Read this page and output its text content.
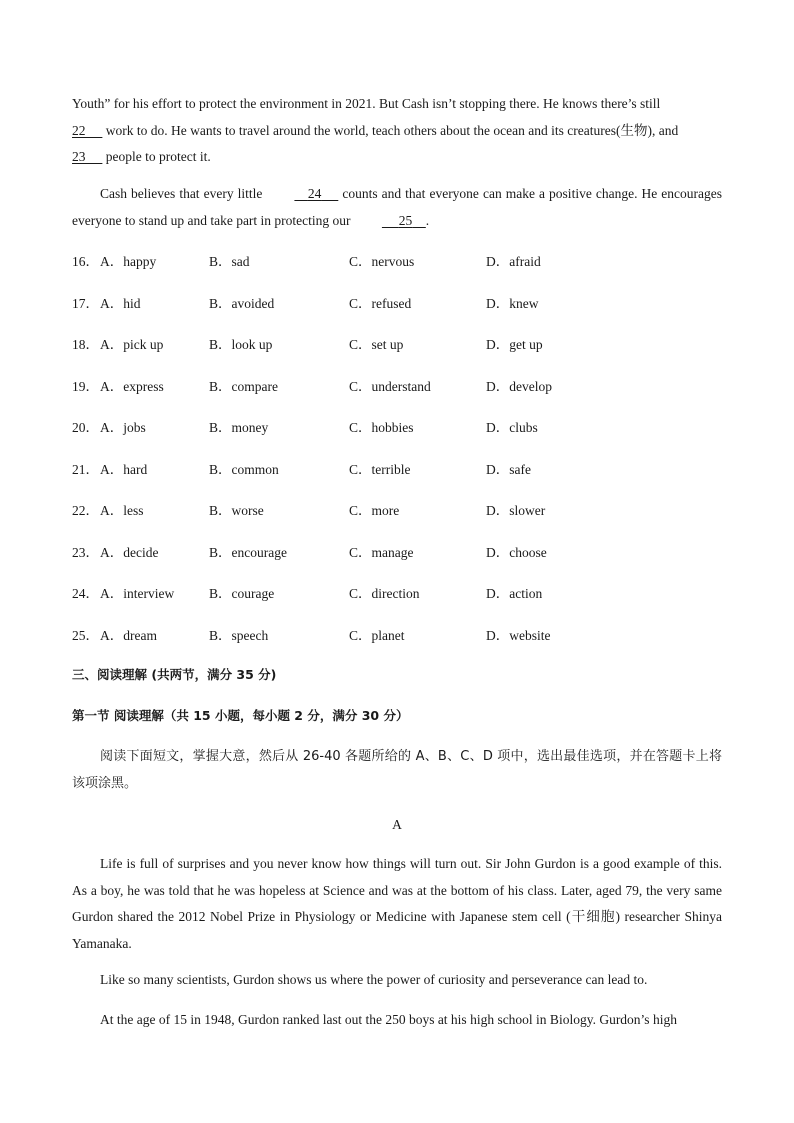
Youth” for his effort to protect the environment in 2021. But Cash isn’t stopping there. He knows there’s still
22      work to do. He wants to travel around the world, teach others about the ocean and its creatures(生物), and
23      people to protect it.
Cash believes that every little	24      counts and that everyone can make a positive change. He encourages everyone to stand up and take part in protecting our	25 .
16． A．happy	B．sad	C．nervous	D．afraid
17． A．hid	B．avoided	C．refused	D．knew
18． A．pick up	B．look up	C．set up	D．get up
19． A．express	B．compare	C．understand	D．develop
20． A．jobs	B．money	C．hobbies	D．clubs
21． A．hard	B．common	C．terrible	D．safe
22． A．less	B．worse	C．more	D．slower
23． A．decide	B．encourage	C．manage	D．choose
24． A．interview	B．courage	C．direction	D．action
25． A．dream	B．speech	C．planet	D．website
三、阅读理解 (共两节，满分 35 分)
第一节 阅读理解（共 15 小题，每小题 2 分，满分 30 分）
阅读下面短文，掌握大意，然后从 26-40 各题所给的 A、B、C、D 项中，选出最佳选项，并在答题卡上将该项涂黑。
A
Life is full of surprises and you never know how things will turn out. Sir John Gurdon is a good example of this. As a boy, he was told that he was hopeless at Science and was at the bottom of his class. Later, aged 79, the very same Gurdon shared the 2012 Nobel Prize in Physiology or Medicine with Japanese stem cell (干细胞) researcher Shinya Yamanaka.
Like so many scientists, Gurdon shows us where the power of curiosity and perseverance can lead to.
At the age of 15 in 1948, Gurdon ranked last out the 250 boys at his high school in Biology. Gurdon’s high
